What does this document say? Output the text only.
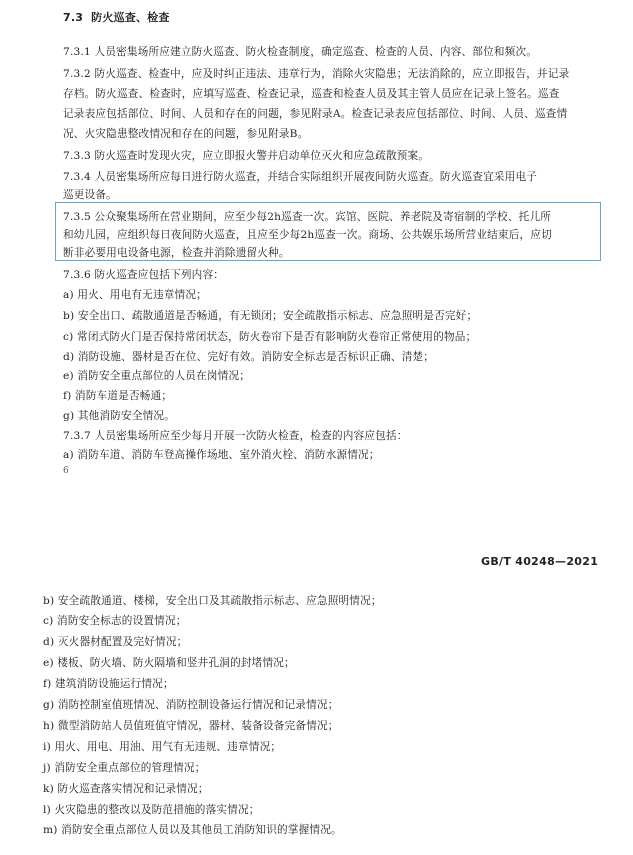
7.3 防火巡查、检查
7.3.1 人员密集场所应建立防火巡查、防火检查制度，确定巡查、检查的人员、内容、部位和频次。
7.3.2 防火巡查、检查中，应及时纠正违法、违章行为，消除火灾隐患；无法消除的，应立即报告，并记录
存档。防火巡查、检查时，应填写巡查、检查记录，巡查和检查人员及其主管人员应在记录上签名。巡查
记录表应包括部位、时间、人员和存在的问题，参见附录A。检查记录表应包括部位、时间、人员、巡查情
况、火灾隐患整改情况和存在的问题，参见附录B。
7.3.3 防火巡查时发现火灾，应立即报火警并启动单位灭火和应急疏散预案。
7.3.4 人员密集场所应每日进行防火巡查，并结合实际组织开展夜间防火巡查。防火巡查宜采用电子
巡更设备。
7.3.5 公众聚集场所在营业期间，应至少每2h巡查一次。宾馆、医院、养老院及寄宿制的学校、托儿所
和幼儿园，应组织每日夜间防火巡查，且应至少每2h巡查一次。商场、公共娱乐场所营业结束后，应切
断非必要用电设备电源，检查并消除遗留火种。
7.3.6 防火巡查应包括下列内容：
a) 用火、用电有无违章情况；
b) 安全出口、疏散通道是否畅通，有无锁闭；安全疏散指示标志、应急照明是否完好；
c) 常闭式防火门是否保持常闭状态，防火卷帘下是否有影响防火卷帘正常使用的物品；
d) 消防设施、器材是否在位、完好有效。消防安全标志是否标识正确、清楚；
e) 消防安全重点部位的人员在岗情况；
f) 消防车道是否畅通；
g) 其他消防安全情况。
7.3.7 人员密集场所应至少每月开展一次防火检查，检查的内容应包括：
a) 消防车道、消防车登高操作场地、室外消火栓、消防水源情况；
6
GB/T 40248—2021
b) 安全疏散通道、楼梯，安全出口及其疏散指示标志、应急照明情况；
c) 消防安全标志的设置情况；
d) 灭火器材配置及完好情况；
e) 楼板、防火墙、防火隔墙和竖井孔洞的封堵情况；
f) 建筑消防设施运行情况；
g) 消防控制室值班情况、消防控制设备运行情况和记录情况；
h) 微型消防站人员值班值守情况，器材、装备设备完备情况；
i) 用火、用电、用油、用气有无违规、违章情况；
j) 消防安全重点部位的管理情况；
k) 防火巡查落实情况和记录情况；
l) 火灾隐患的整改以及防范措施的落实情况；
m) 消防安全重点部位人员以及其他员工消防知识的掌握情况。
